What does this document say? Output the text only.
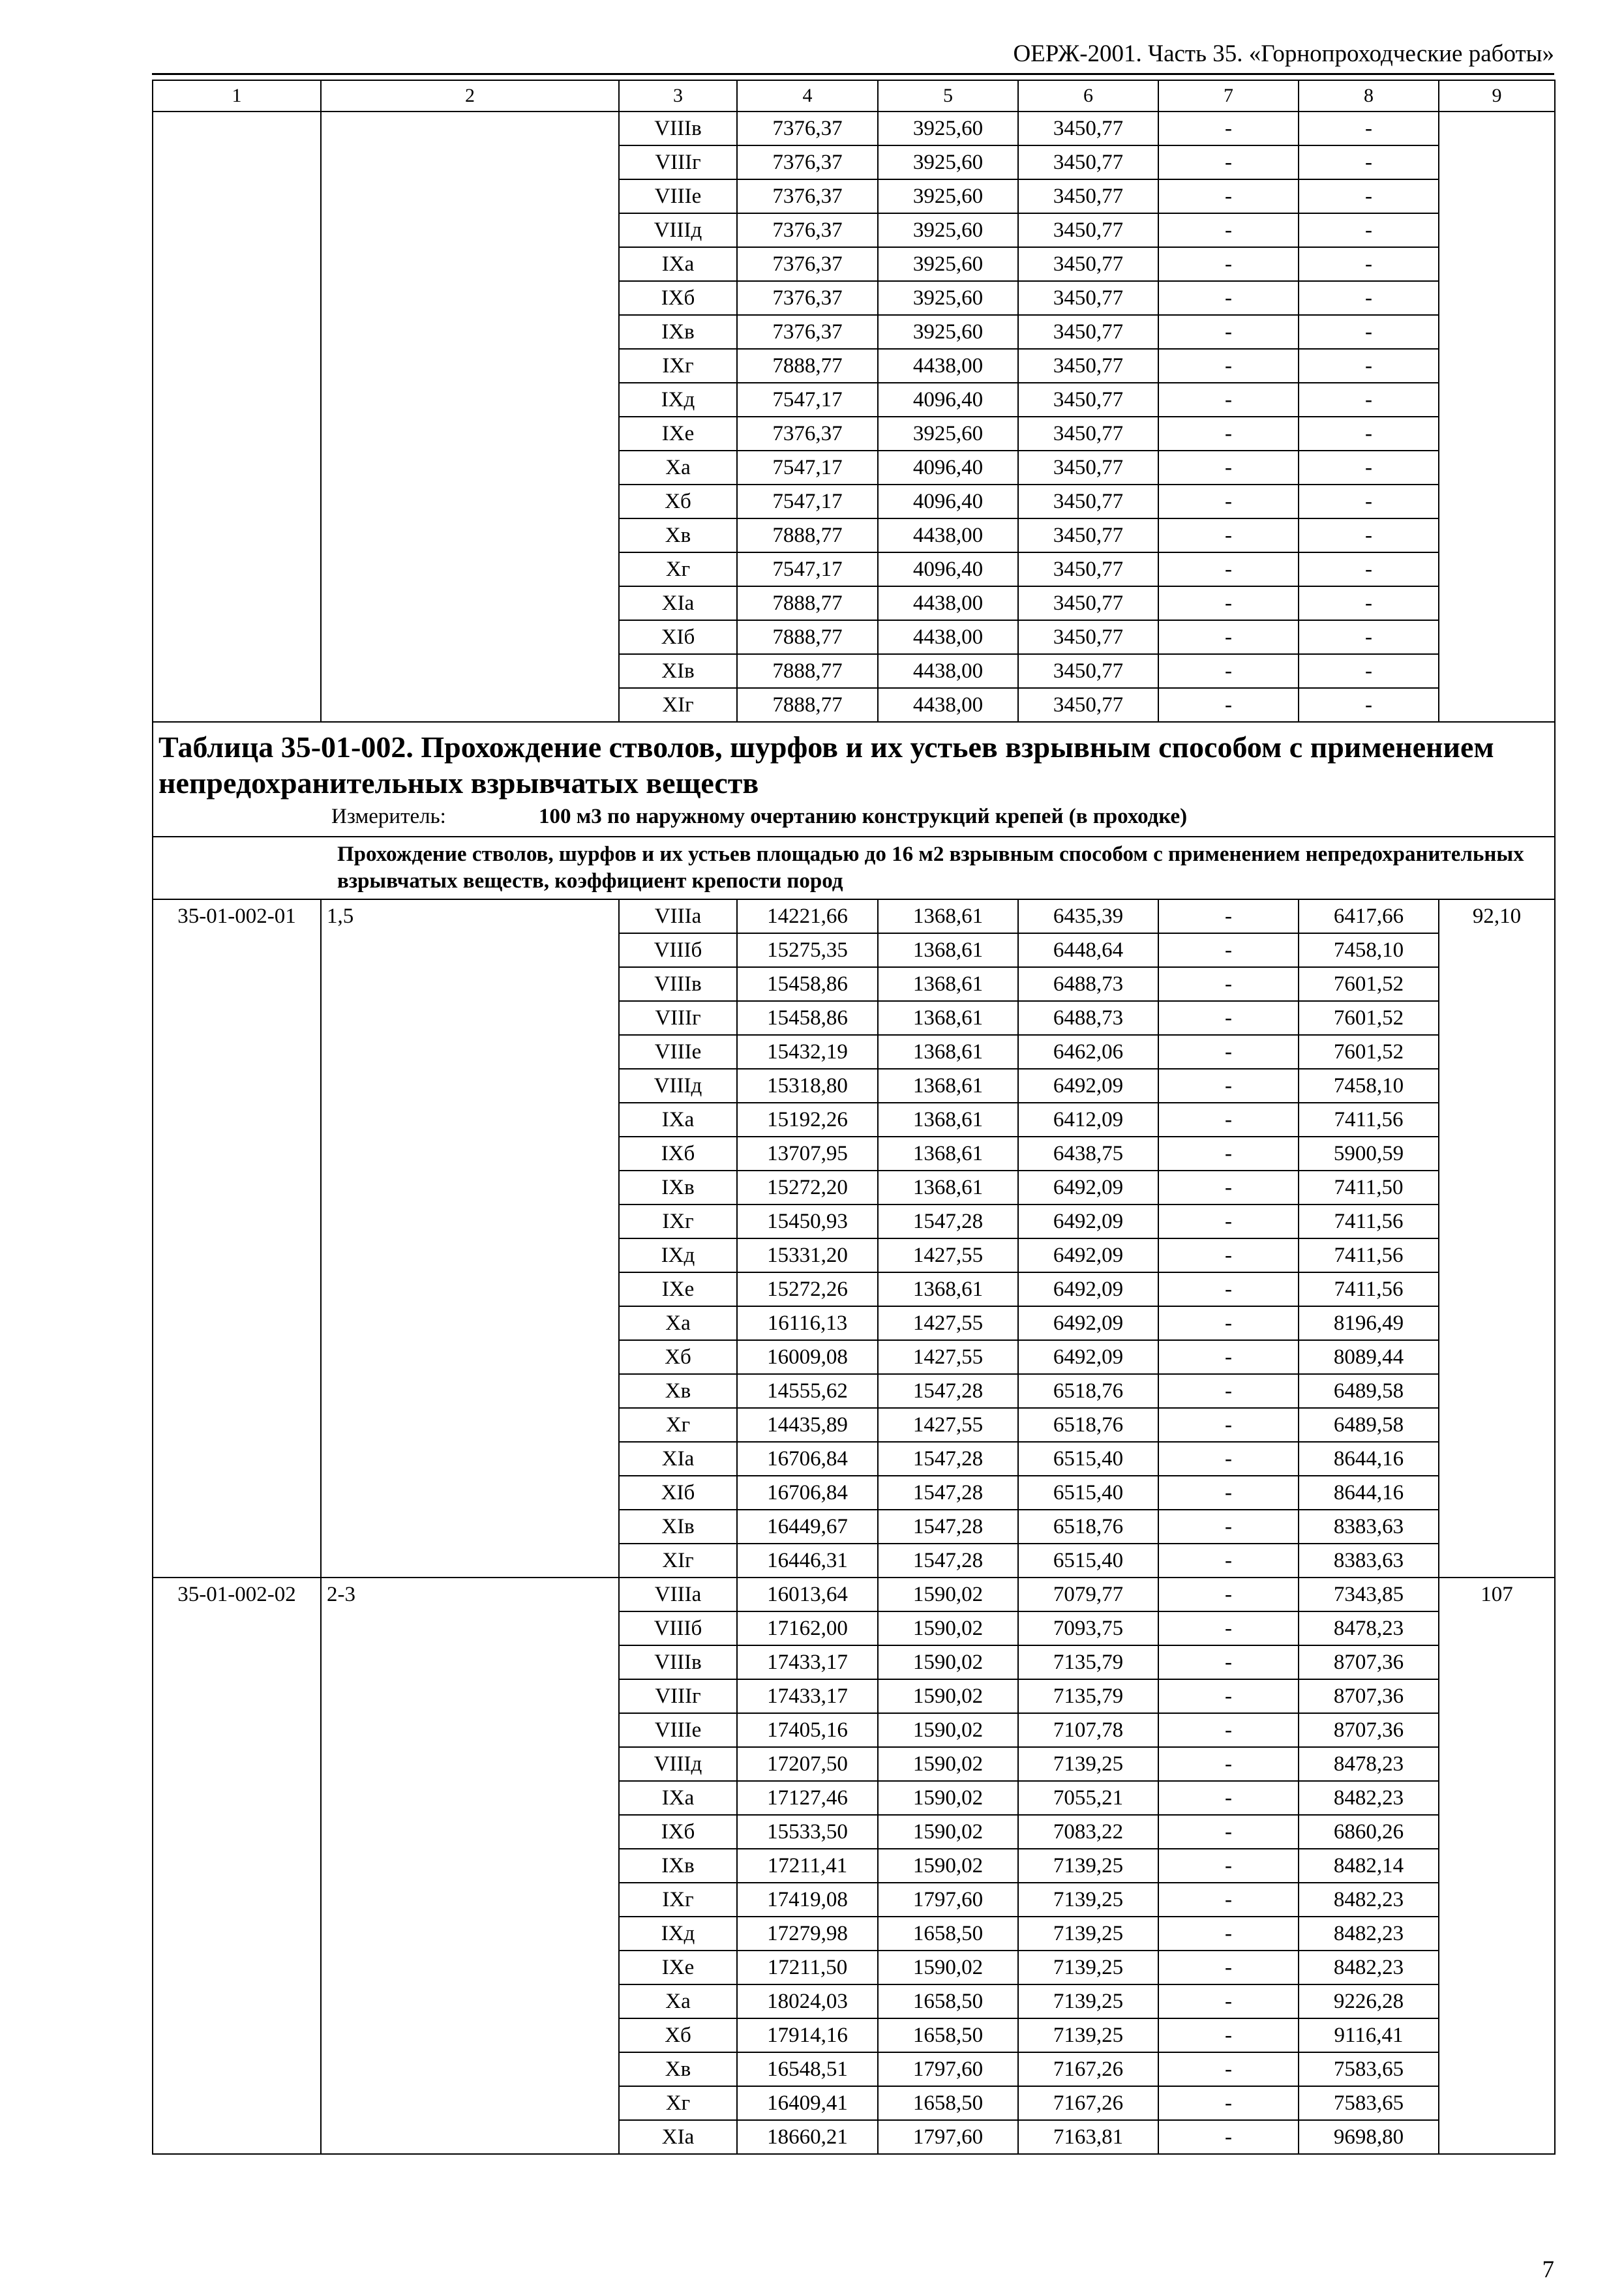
ОЕРЖ-2001. Часть 35. «Горнопроходческие работы»
1	2	3	4	5	6	7	8	9
		VIIIв	7376,37	3925,60	3450,77	-	-	
		VIIIг	7376,37	3925,60	3450,77	-	-	
		VIIIе	7376,37	3925,60	3450,77	-	-	
		VIIIд	7376,37	3925,60	3450,77	-	-	
		IXа	7376,37	3925,60	3450,77	-	-	
		IXб	7376,37	3925,60	3450,77	-	-	
		IXв	7376,37	3925,60	3450,77	-	-	
		IXг	7888,77	4438,00	3450,77	-	-	
		IXд	7547,17	4096,40	3450,77	-	-	
		IXе	7376,37	3925,60	3450,77	-	-	
		Xа	7547,17	4096,40	3450,77	-	-	
		Xб	7547,17	4096,40	3450,77	-	-	
		Xв	7888,77	4438,00	3450,77	-	-	
		Xг	7547,17	4096,40	3450,77	-	-	
		XIа	7888,77	4438,00	3450,77	-	-	
		XIб	7888,77	4438,00	3450,77	-	-	
		XIв	7888,77	4438,00	3450,77	-	-	
		XIг	7888,77	4438,00	3450,77	-	-	
Таблица 35-01-002. Прохождение стволов, шурфов и их устьев взрывным способом с применением непредохранительных взрывчатых веществ								
Измеритель: 100 м3 по наружному очертанию конструкций крепей (в проходке)								
Прохождение стволов, шурфов и их устьев площадью до 16 м2 взрывным способом с применением непредохранительных взрывчатых веществ, коэффициент крепости пород								
35-01-002-01	1,5	VIIIа	14221,66	1368,61	6435,39	-	6417,66	92,10
		VIIIб	15275,35	1368,61	6448,64	-	7458,10	
		VIIIв	15458,86	1368,61	6488,73	-	7601,52	
		VIIIг	15458,86	1368,61	6488,73	-	7601,52	
		VIIIе	15432,19	1368,61	6462,06	-	7601,52	
		VIIIд	15318,80	1368,61	6492,09	-	7458,10	
		IXа	15192,26	1368,61	6412,09	-	7411,56	
		IXб	13707,95	1368,61	6438,75	-	5900,59	
		IXв	15272,20	1368,61	6492,09	-	7411,50	
		IXг	15450,93	1547,28	6492,09	-	7411,56	
		IXд	15331,20	1427,55	6492,09	-	7411,56	
		IXе	15272,26	1368,61	6492,09	-	7411,56	
		Xа	16116,13	1427,55	6492,09	-	8196,49	
		Xб	16009,08	1427,55	6492,09	-	8089,44	
		Xв	14555,62	1547,28	6518,76	-	6489,58	
		Xг	14435,89	1427,55	6518,76	-	6489,58	
		XIа	16706,84	1547,28	6515,40	-	8644,16	
		XIб	16706,84	1547,28	6515,40	-	8644,16	
		XIв	16449,67	1547,28	6518,76	-	8383,63	
		XIг	16446,31	1547,28	6515,40	-	8383,63	
35-01-002-02	2-3	VIIIа	16013,64	1590,02	7079,77	-	7343,85	107
		VIIIб	17162,00	1590,02	7093,75	-	8478,23	
		VIIIв	17433,17	1590,02	7135,79	-	8707,36	
		VIIIг	17433,17	1590,02	7135,79	-	8707,36	
		VIIIе	17405,16	1590,02	7107,78	-	8707,36	
		VIIIд	17207,50	1590,02	7139,25	-	8478,23	
		IXа	17127,46	1590,02	7055,21	-	8482,23	
		IXб	15533,50	1590,02	7083,22	-	6860,26	
		IXв	17211,41	1590,02	7139,25	-	8482,14	
		IXг	17419,08	1797,60	7139,25	-	8482,23	
		IXд	17279,98	1658,50	7139,25	-	8482,23	
		IXе	17211,50	1590,02	7139,25	-	8482,23	
		Xа	18024,03	1658,50	7139,25	-	9226,28	
		Xб	17914,16	1658,50	7139,25	-	9116,41	
		Xв	16548,51	1797,60	7167,26	-	7583,65	
		Xг	16409,41	1658,50	7167,26	-	7583,65	
		XIа	18660,21	1797,60	7163,81	-	9698,80	
7
